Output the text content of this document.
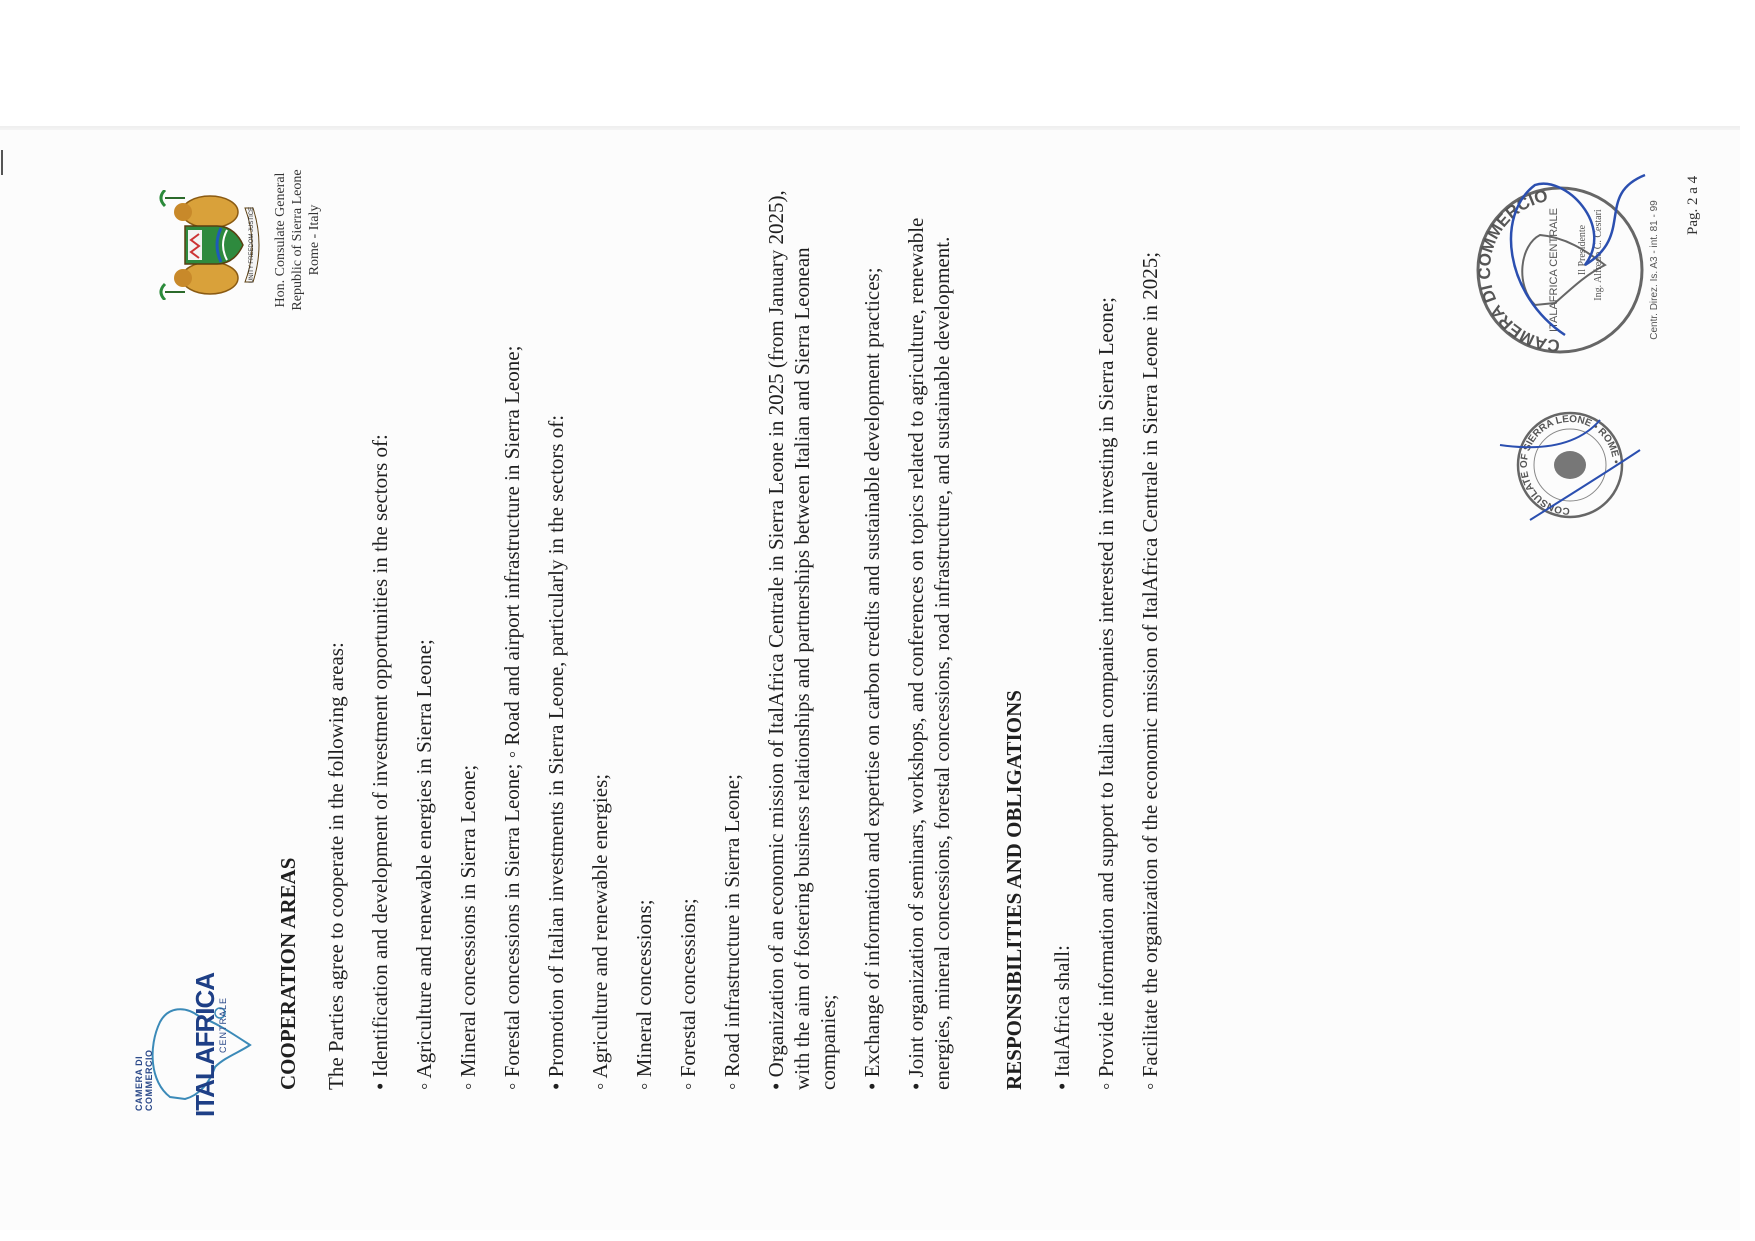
CAMERA DI COMMERCIO ITALAFRICA
CENTRALE
UNITY FREEDOM JUSTICE Hon. Consulate General Republic of Sierra Leone Rome - Italy

COOPERATION AREAS The Parties agree to cooperate in the following areas: • Identification and development of investment opportunities in the sectors of: ◦ Agriculture and renewable energies in Sierra Leone; ◦ Mineral concessions in Sierra Leone; ◦ Forestal concessions in Sierra Leone; ◦ Road and airport infrastructure in Sierra Leone; • Promotion of Italian investments in Sierra Leone, particularly in the sectors of: ◦ Agriculture and renewable energies; ◦ Mineral concessions; ◦ Forestal concessions; ◦ Road infrastructure in Sierra Leone; • Organization of an economic mission of ItalAfrica Centrale in Sierra Leone in 2025 (from January 2025), with the aim of fostering business relationships and partnerships between Italian and Sierra Leonean companies; • Exchange of information and expertise on carbon credits and sustainable development practices; • Joint organization of seminars, workshops, and conferences on topics related to agriculture, renewable energies, mineral concessions, forestal concessions, road infrastructure, and sustainable development. RESPONSIBILITIES AND OBLIGATIONS • ItalAfrica shall: ◦ Provide information and support to Italian companies interested in investing in Sierra Leone; ◦ Facilitate the organization of the economic mission of ItalAfrica Centrale in Sierra Leone in 2025;	CONSULATE OF SIERRA LEONE • ROME •
CAMERA DI COMMERCIO
ITALAFRICA CENTRALE Il Presidente Ing. Alfredo C. Cestari	Centr. Direz. Is. A3 - int. 81 - 99 Pag. 2 a 4
